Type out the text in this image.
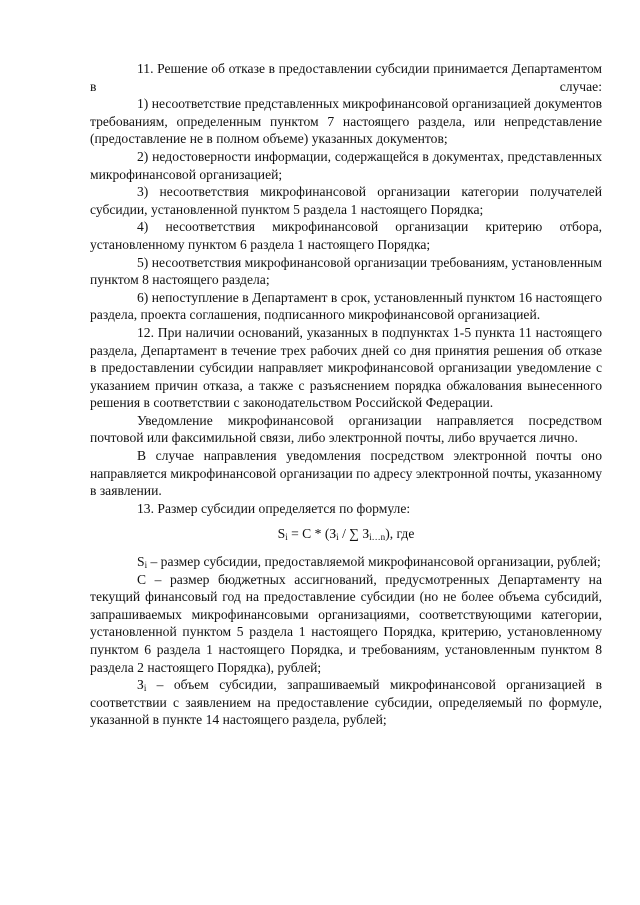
11. Решение об отказе в предоставлении субсидии принимается Департаментом в случае:

1) несоответствие представленных микрофинансовой организацией документов требованиям, определенным пунктом 7 настоящего раздела, или непредставление (предоставление не в полном объеме) указанных документов;

2) недостоверности информации, содержащейся в документах, представленных микрофинансовой организацией;

3) несоответствия микрофинансовой организации категории получателей субсидии, установленной пунктом 5 раздела 1 настоящего Порядка;

4) несоответствия микрофинансовой организации критерию отбора, установленному пунктом 6 раздела 1 настоящего Порядка;

5) несоответствия микрофинансовой организации требованиям, установленным пунктом 8 настоящего раздела;

6) непоступление в Департамент в срок, установленный пунктом 16 настоящего раздела, проекта соглашения, подписанного микрофинансовой организацией.

12. При наличии оснований, указанных в подпунктах 1-5 пункта 11 настоящего раздела, Департамент в течение трех рабочих дней со дня принятия решения об отказе в предоставлении субсидии направляет микрофинансовой организации уведомление с указанием причин отказа, а также с разъяснением порядка обжалования вынесенного решения в соответствии с законодательством Российской Федерации.

Уведомление микрофинансовой организации направляется посредством почтовой или факсимильной связи, либо электронной почты, либо вручается лично.

В случае направления уведомления посредством электронной почты оно направляется микрофинансовой организации по адресу электронной почты, указанному в заявлении.

13. Размер субсидии определяется по формуле:

$S_i = С * (З_i$ / ∑ $З_{i\dots n}$), где

$S_i$ – размер субсидии, предоставляемой микрофинансовой организации, рублей;

С – размер бюджетных ассигнований, предусмотренных Департаменту на текущий финансовый год на предоставление субсидии (но не более объема субсидий, запрашиваемых микрофинансовыми организациями, соответствующими категории, установленной пунктом 5 раздела 1 настоящего Порядка, критерию, установленному пунктом 6 раздела 1 настоящего Порядка, и требованиям, установленным пунктом 8 раздела 2 настоящего Порядка), рублей;

$З_i$ – объем субсидии, запрашиваемый микрофинансовой организацией в соответствии с заявлением на предоставление субсидии, определяемый по формуле, указанной в пункте 14 настоящего раздела, рублей;
